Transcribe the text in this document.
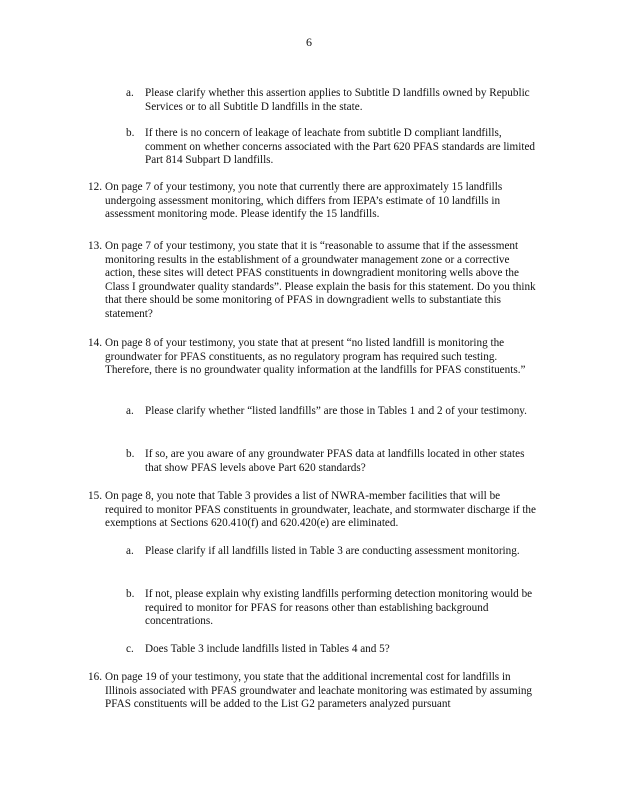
6
a. Please clarify whether this assertion applies to Subtitle D landfills owned by Republic Services or to all Subtitle D landfills in the state.
b. If there is no concern of leakage of leachate from subtitle D compliant landfills, comment on whether concerns associated with the Part 620 PFAS standards are limited Part 814 Subpart D landfills.
12. On page 7 of your testimony, you note that currently there are approximately 15 landfills undergoing assessment monitoring, which differs from IEPA’s estimate of 10 landfills in assessment monitoring mode. Please identify the 15 landfills.
13. On page 7 of your testimony, you state that it is “reasonable to assume that if the assessment monitoring results in the establishment of a groundwater management zone or a corrective action, these sites will detect PFAS constituents in downgradient monitoring wells above the Class I groundwater quality standards”. Please explain the basis for this statement. Do you think that there should be some monitoring of PFAS in downgradient wells to substantiate this statement?
14. On page 8 of your testimony, you state that at present “no listed landfill is monitoring the groundwater for PFAS constituents, as no regulatory program has required such testing. Therefore, there is no groundwater quality information at the landfills for PFAS constituents.”
a. Please clarify whether “listed landfills” are those in Tables 1 and 2 of your testimony.
b. If so, are you aware of any groundwater PFAS data at landfills located in other states that show PFAS levels above Part 620 standards?
15. On page 8, you note that Table 3 provides a list of NWRA-member facilities that will be required to monitor PFAS constituents in groundwater, leachate, and stormwater discharge if the exemptions at Sections 620.410(f) and 620.420(e) are eliminated.
a. Please clarify if all landfills listed in Table 3 are conducting assessment monitoring.
b. If not, please explain why existing landfills performing detection monitoring would be required to monitor for PFAS for reasons other than establishing background concentrations.
c. Does Table 3 include landfills listed in Tables 4 and 5?
16. On page 19 of your testimony, you state that the additional incremental cost for landfills in Illinois associated with PFAS groundwater and leachate monitoring was estimated by assuming PFAS constituents will be added to the List G2 parameters analyzed pursuant
